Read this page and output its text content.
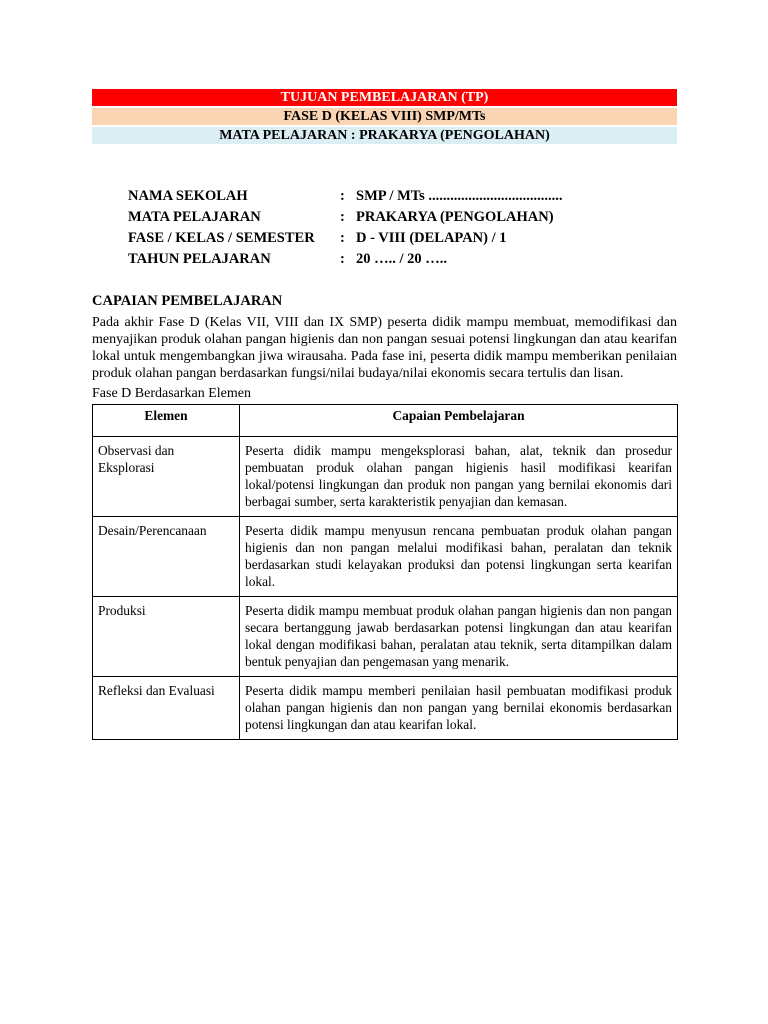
TUJUAN PEMBELAJARAN (TP)
FASE D (KELAS VIII) SMP/MTs
MATA PELAJARAN : PRAKARYA (PENGOLAHAN)
NAMA SEKOLAH	: SMP / MTs .....................................
MATA PELAJARAN	: PRAKARYA (PENGOLAHAN)
FASE / KELAS / SEMESTER	: D - VIII (DELAPAN) / 1
TAHUN PELAJARAN	: 20 ….. / 20 …..
CAPAIAN PEMBELAJARAN
Pada akhir Fase D (Kelas VII, VIII dan IX SMP) peserta didik mampu membuat, memodifikasi dan menyajikan produk olahan pangan higienis dan non pangan sesuai potensi lingkungan dan atau kearifan lokal untuk mengembangkan jiwa wirausaha. Pada fase ini, peserta didik mampu memberikan penilaian produk olahan pangan berdasarkan fungsi/nilai budaya/nilai ekonomis secara tertulis dan lisan.
Fase D Berdasarkan Elemen
Elemen	Capaian Pembelajaran
Observasi dan Eksplorasi	Peserta didik mampu mengeksplorasi bahan, alat, teknik dan prosedur pembuatan produk olahan pangan higienis hasil modifikasi kearifan lokal/potensi lingkungan dan produk non pangan yang bernilai ekonomis dari berbagai sumber, serta karakteristik penyajian dan kemasan.
Desain/Perencanaan	Peserta didik mampu menyusun rencana pembuatan produk olahan pangan higienis dan non pangan melalui modifikasi bahan, peralatan dan teknik berdasarkan studi kelayakan produksi dan potensi lingkungan serta kearifan lokal.
Produksi	Peserta didik mampu membuat produk olahan pangan higienis dan non pangan secara bertanggung jawab berdasarkan potensi lingkungan dan atau kearifan lokal dengan modifikasi bahan, peralatan atau teknik, serta ditampilkan dalam bentuk penyajian dan pengemasan yang menarik.
Refleksi dan Evaluasi	Peserta didik mampu memberi penilaian hasil pembuatan modifikasi produk olahan pangan higienis dan non pangan yang bernilai ekonomis berdasarkan potensi lingkungan dan atau kearifan lokal.
